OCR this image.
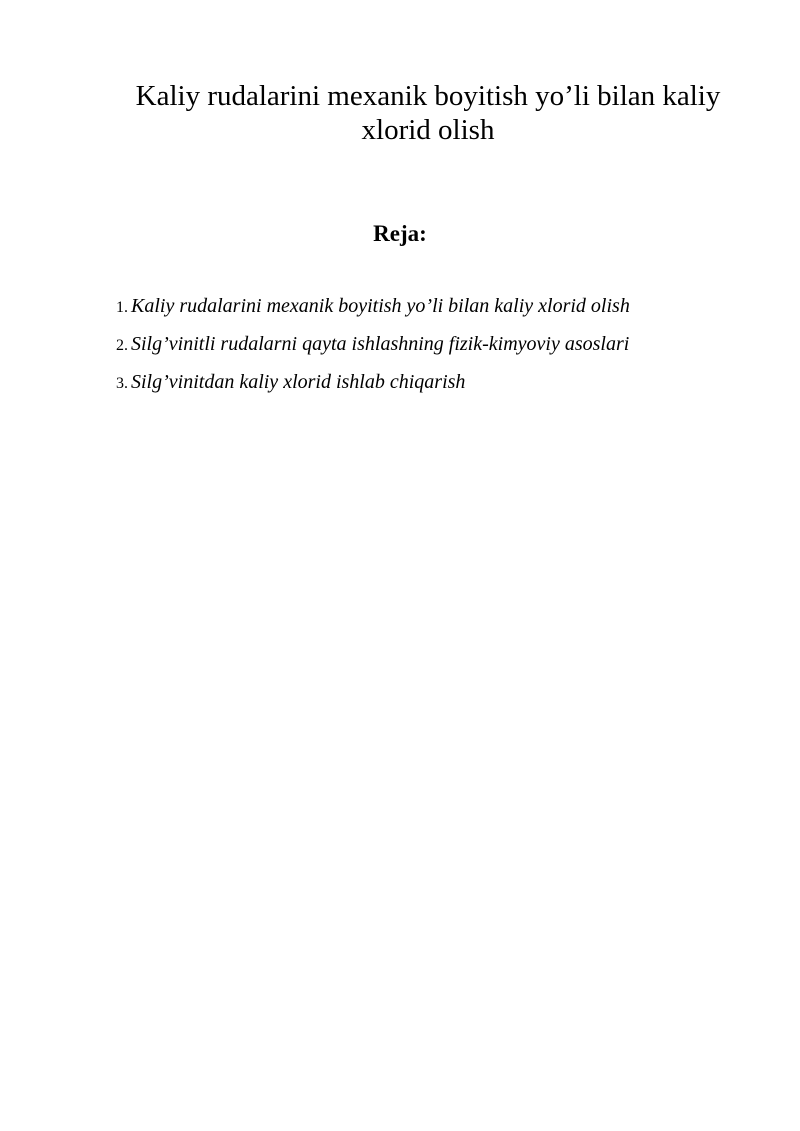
Kaliy rudalarini mexanik boyitish yo’li bilan kaliy xlorid olish
Reja:
1. Kaliy rudalarini mexanik boyitish yo’li bilan kaliy xlorid olish
2. Silg’vinitli rudalarni qayta ishlashning fizik-kimyoviy asoslari
3. Silg’vinitdan kaliy xlorid ishlab chiqarish
